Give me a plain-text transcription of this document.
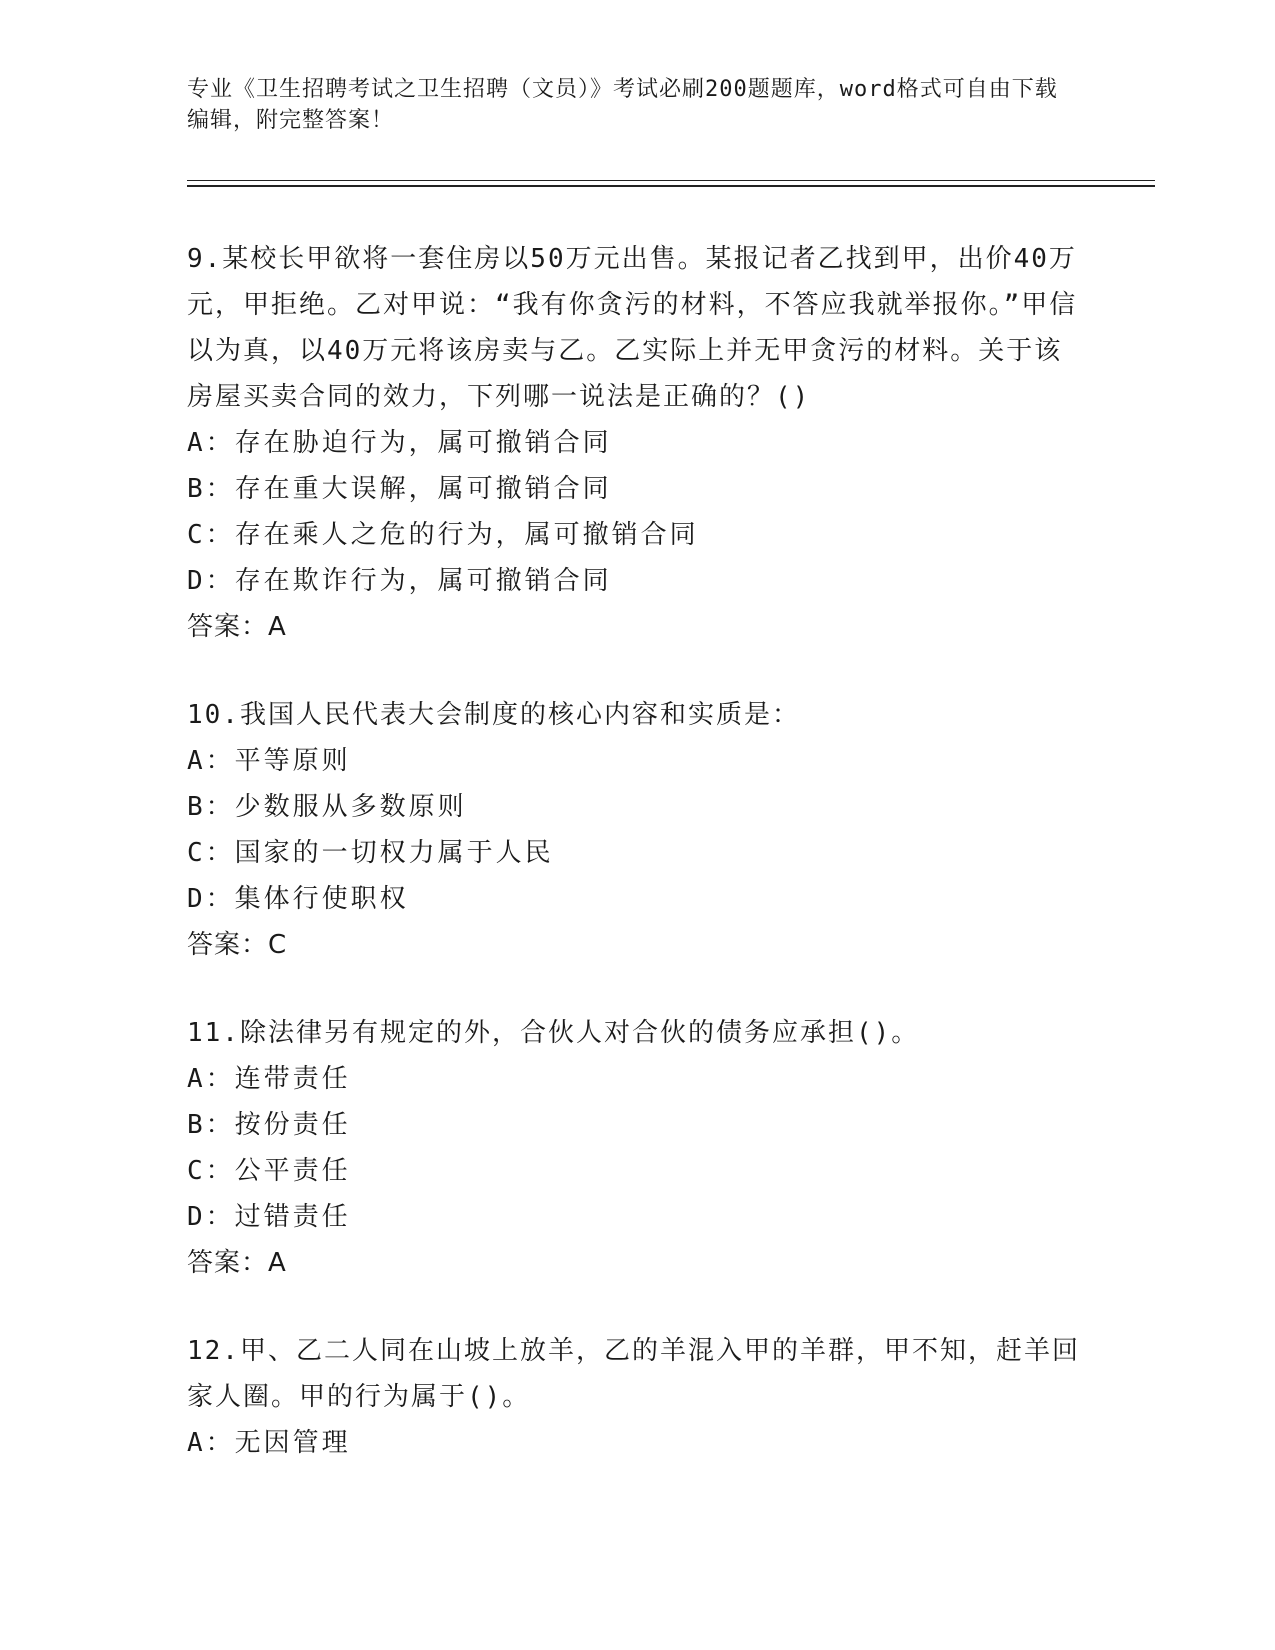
专业《卫生招聘考试之卫生招聘（文员）》考试必刷200题题库，word格式可自由下载编辑，附完整答案！

9.某校长甲欲将一套住房以50万元出售。某报记者乙找到甲，出价40万元，甲拒绝。乙对甲说：“我有你贪污的材料，不答应我就举报你。”甲信以为真，以40万元将该房卖与乙。乙实际上并无甲贪污的材料。关于该房屋买卖合同的效力，下列哪一说法是正确的？()

A：存在胁迫行为，属可撤销合同

B：存在重大误解，属可撤销合同

C：存在乘人之危的行为，属可撤销合同

D：存在欺诈行为，属可撤销合同

答案：A

10.我国人民代表大会制度的核心内容和实质是：

A：平等原则

B：少数服从多数原则

C：国家的一切权力属于人民

D：集体行使职权

答案：C

11.除法律另有规定的外，合伙人对合伙的债务应承担()。

A：连带责任

B：按份责任

C：公平责任

D：过错责任

答案：A

12.甲、乙二人同在山坡上放羊，乙的羊混入甲的羊群，甲不知，赶羊回家人圈。甲的行为属于()。

A：无因管理
